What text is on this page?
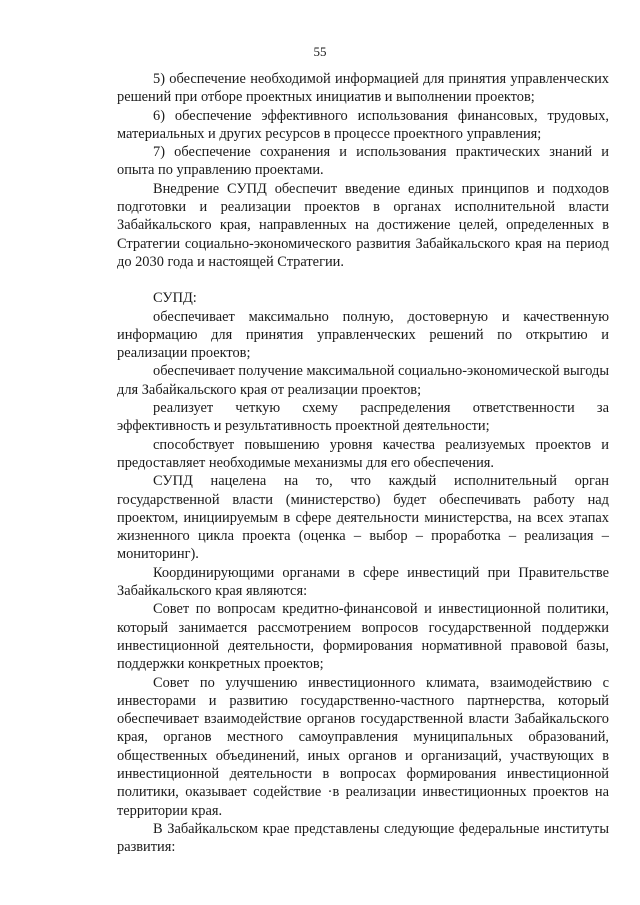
55

5) обеспечение необходимой информацией для принятия управленческих решений при отборе проектных инициатив и выполнении проектов;

6) обеспечение эффективного использования финансовых, трудовых, материальных и других ресурсов в процессе проектного управления;

7) обеспечение сохранения и использования практических знаний и опыта по управлению проектами.

Внедрение СУПД обеспечит введение единых принципов и подходов подготовки и реализации проектов в органах исполнительной власти Забайкальского края, направленных на достижение целей, определенных в Стратегии социально-экономического развития Забайкальского края на период до 2030 года и настоящей Стратегии.

СУПД:

обеспечивает максимально полную, достоверную и качественную информацию для принятия управленческих решений по открытию и реализации проектов;

обеспечивает получение максимальной социально-экономической выгоды для Забайкальского края от реализации проектов;

реализует четкую схему распределения ответственности за эффективность и результативность проектной деятельности;

способствует повышению уровня качества реализуемых проектов и предоставляет необходимые механизмы для его обеспечения.

СУПД нацелена на то, что каждый исполнительный орган государственной власти (министерство) будет обеспечивать работу над проектом, инициируемым в сфере деятельности министерства, на всех этапах жизненного цикла проекта (оценка – выбор – проработка – реализация – мониторинг).

Координирующими органами в сфере инвестиций при Правительстве Забайкальского края являются:

Совет по вопросам кредитно-финансовой и инвестиционной политики, который занимается рассмотрением вопросов государственной поддержки инвестиционной деятельности, формирования нормативной правовой базы, поддержки конкретных проектов;

Совет по улучшению инвестиционного климата, взаимодействию с инвесторами и развитию государственно-частного партнерства, который обеспечивает взаимодействие органов государственной власти Забайкальского края, органов местного самоуправления муниципальных образований, общественных объединений, иных органов и организаций, участвующих в инвестиционной деятельности в вопросах формирования инвестиционной политики, оказывает содействие ·в реализации инвестиционных проектов на территории края.

В Забайкальском крае представлены следующие федеральные институты развития:
